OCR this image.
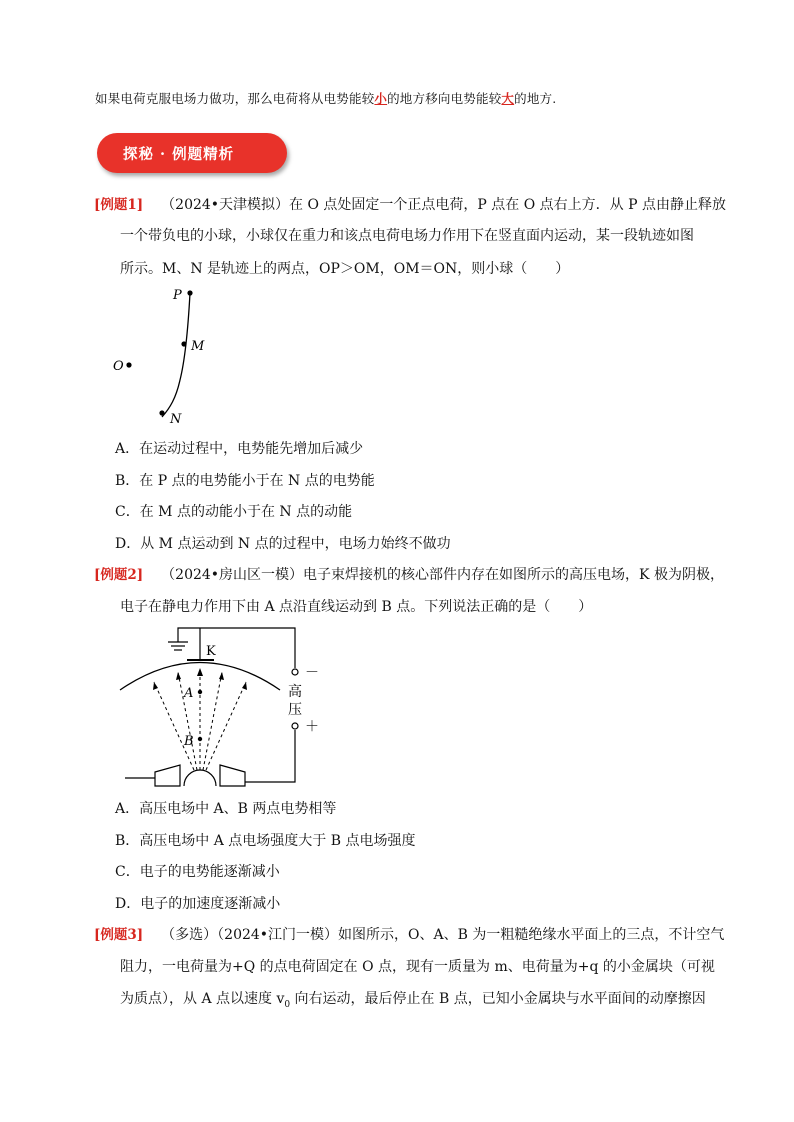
如果电荷克服电场力做功，那么电荷将从电势能较小的地方移向电势能较大的地方.
探秘 · 例题精析
[例题1] （2024•天津模拟）在 O 点处固定一个正点电荷，P 点在 O 点右上方．从 P 点由静止释放
一个带负电的小球，小球仅在重力和该点电荷电场力作用下在竖直面内运动，某一段轨迹如图
所示。M、N 是轨迹上的两点，OP＞OM，OM＝ON，则小球（　　）
P
M
O
N
A．在运动过程中，电势能先增加后减少
B．在 P 点的电势能小于在 N 点的电势能
C．在 M 点的动能小于在 N 点的动能
D．从 M 点运动到 N 点的过程中，电场力始终不做功
[例题2] （2024•房山区一模）电子束焊接机的核心部件内存在如图所示的高压电场，K 极为阴极，
电子在静电力作用下由 A 点沿直线运动到 B 点。下列说法正确的是（　　）
K
A
B
－
＋
高
压
A．高压电场中 A、B 两点电势相等
B．高压电场中 A 点电场强度大于 B 点电场强度
C．电子的电势能逐渐减小
D．电子的加速度逐渐减小
[例题3] （多选）（2024•江门一模）如图所示，O、A、B 为一粗糙绝缘水平面上的三点，不计空气
阻力，一电荷量为+Q 的点电荷固定在 O 点，现有一质量为 m、电荷量为+q 的小金属块（可视
为质点），从 A 点以速度 $v_0$ 向右运动，最后停止在 B 点，已知小金属块与水平面间的动摩擦因
